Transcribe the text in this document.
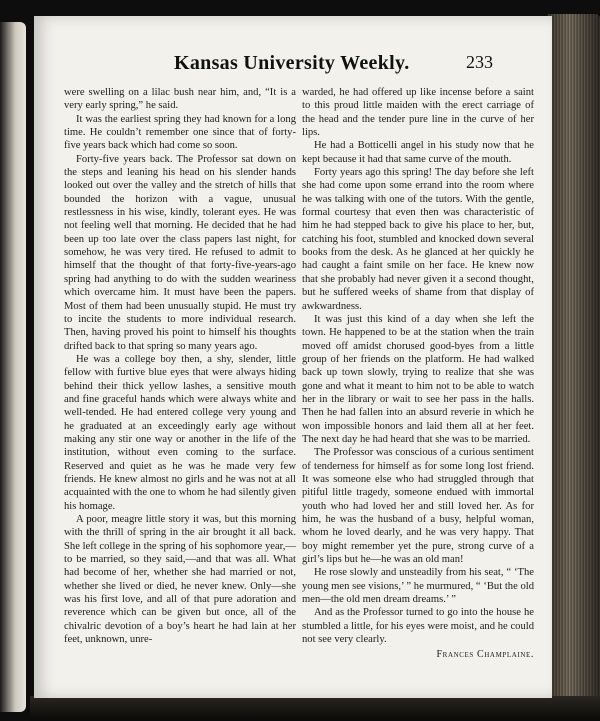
Kansas University Weekly.	233

were swelling on a lilac bush near him, and, “It is a very early spring,” he said.

It was the earliest spring they had known for a long time. He couldn’t remember one since that of forty-five years back which had come so soon.

Forty-five years back. The Professor sat down on the steps and leaning his head on his slender hands looked out over the valley and the stretch of hills that bounded the horizon with a vague, unusual restlessness in his wise, kindly, tolerant eyes. He was not feeling well that morning. He decided that he had been up too late over the class papers last night, for somehow, he was very tired. He refused to admit to himself that the thought of that forty-five-years-ago spring had anything to do with the sudden weariness which overcame him. It must have been the papers. Most of them had been unusually stupid. He must try to incite the students to more individual research. Then, having proved his point to himself his thoughts drifted back to that spring so many years ago.

He was a college boy then, a shy, slender, little fellow with furtive blue eyes that were always hiding behind their thick yellow lashes, a sensitive mouth and fine graceful hands which were always white and well-tended. He had entered college very young and he graduated at an exceedingly early age without making any stir one way or another in the life of the institution, without even coming to the surface. Reserved and quiet as he was he made very few friends. He knew almost no girls and he was not at all acquainted with the one to whom he had silently given his homage.

A poor, meagre little story it was, but this morning with the thrill of spring in the air brought it all back. She left college in the spring of his sophomore year,—to be married, so they said,—and that was all. What had become of her, whether she had married or not, whether she lived or died, he never knew. Only—she was his first love, and all of that pure adoration and reverence which can be given but once, all of the chivalric devotion of a boy’s heart he had lain at her feet, unknown, unre-

warded, he had offered up like incense before a saint to this proud little maiden with the erect carriage of the head and the tender pure line in the curve of her lips.

He had a Botticelli angel in his study now that he kept because it had that same curve of the mouth.

Forty years ago this spring! The day before she left she had come upon some errand into the room where he was talking with one of the tutors. With the gentle, formal courtesy that even then was characteristic of him he had stepped back to give his place to her, but, catching his foot, stumbled and knocked down several books from the desk. As he glanced at her quickly he had caught a faint smile on her face. He knew now that she probably had never given it a second thought, but he suffered weeks of shame from that display of awkwardness.

It was just this kind of a day when she left the town. He happened to be at the station when the train moved off amidst chorused good-byes from a little group of her friends on the platform. He had walked back up town slowly, trying to realize that she was gone and what it meant to him not to be able to watch her in the library or wait to see her pass in the halls. Then he had fallen into an absurd reverie in which he won impossible honors and laid them all at her feet. The next day he had heard that she was to be married.

The Professor was conscious of a curious sentiment of tenderness for himself as for some long lost friend. It was someone else who had struggled through that pitiful little tragedy, someone endued with immortal youth who had loved her and still loved her. As for him, he was the husband of a busy, helpful woman, whom he loved dearly, and he was very happy. That boy might remember yet the pure, strong curve of a girl’s lips but he—he was an old man!

He rose slowly and unsteadily from his seat, “ ‘The young men see visions,’ ” he murmured, “ ‘But the old men—the old men dream dreams.’ ”

And as the Professor turned to go into the house he stumbled a little, for his eyes were moist, and he could not see very clearly.

Frances Champlaine.
